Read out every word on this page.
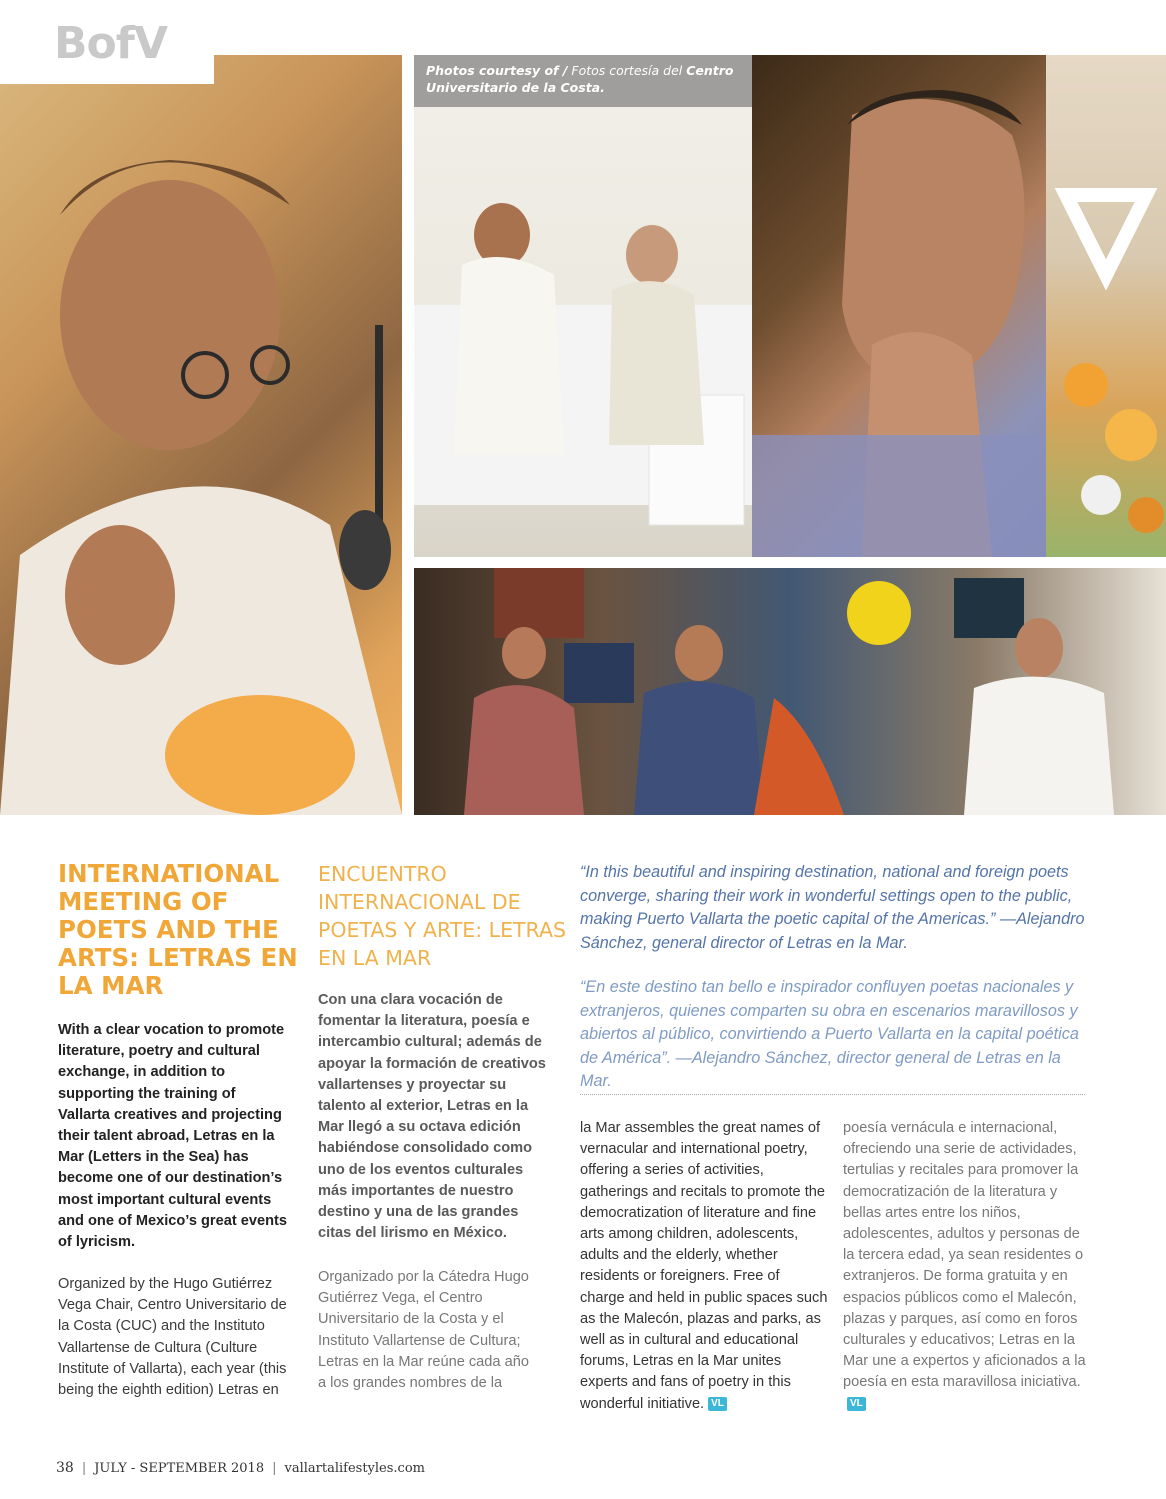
BofV
Photos courtesy of / Fotos cortesía del Centro Universitario de la Costa.
INTERNATIONAL MEETING OF POETS AND THE ARTS: LETRAS EN LA MAR
ENCUENTRO INTERNACIONAL DE POETAS Y ARTE: LETRAS EN LA MAR

With a clear vocation to promote literature, poetry and cultural exchange, in addition to supporting the training of Vallarta creatives and projecting their talent abroad, Letras en la Mar (Letters in the Sea) has become one of our destination’s most important cultural events and one of Mexico’s great events of lyricism.

Organized by the Hugo Gutiérrez Vega Chair, Centro Universitario de la Costa (CUC) and the Instituto Vallartense de Cultura (Culture Institute of Vallarta), each year (this being the eighth edition) Letras en

Con una clara vocación de fomentar la literatura, poesía e intercambio cultural; además de apoyar la formación de creativos vallartenses y proyectar su talento al exterior, Letras en la Mar llegó a su octava edición habiéndose consolidado como uno de los eventos culturales más importantes de nuestro destino y una de las grandes citas del lirismo en México.

Organizado por la Cátedra Hugo Gutiérrez Vega, el Centro Universitario de la Costa y el Instituto Vallartense de Cultura; Letras en la Mar reúne cada año a los grandes nombres de la

“In this beautiful and inspiring destination, national and foreign poets converge, sharing their work in wonderful settings open to the public, making Puerto Vallarta the poetic capital of the Americas.” —Alejandro Sánchez, general director of Letras en la Mar.

“En este destino tan bello e inspirador confluyen poetas nacionales y extranjeros, quienes comparten su obra en escenarios maravillosos y abiertos al público, convirtiendo a Puerto Vallarta en la capital poética de América”. —Alejandro Sánchez, director general de Letras en la Mar.

la Mar assembles the great names of vernacular and international poetry, offering a series of activities, gatherings and recitals to promote the democratization of literature and fine arts among children, adolescents, adults and the elderly, whether residents or foreigners. Free of charge and held in public spaces such as the Malecón, plazas and parks, as well as in cultural and educational forums, Letras en la Mar unites experts and fans of poetry in this wonderful initiative. VL

poesía vernácula e internacional, ofreciendo una serie de actividades, tertulias y recitales para promover la democratización de la literatura y bellas artes entre los niños, adolescentes, adultos y personas de la tercera edad, ya sean residentes o extranjeros. De forma gratuita y en espacios públicos como el Malecón, plazas y parques, así como en foros culturales y educativos; Letras en la Mar une a expertos y aficionados a la poesía en esta maravillosa iniciativa.VL

38 | JULY - SEPTEMBER 2018 | vallartalifestyles.com
